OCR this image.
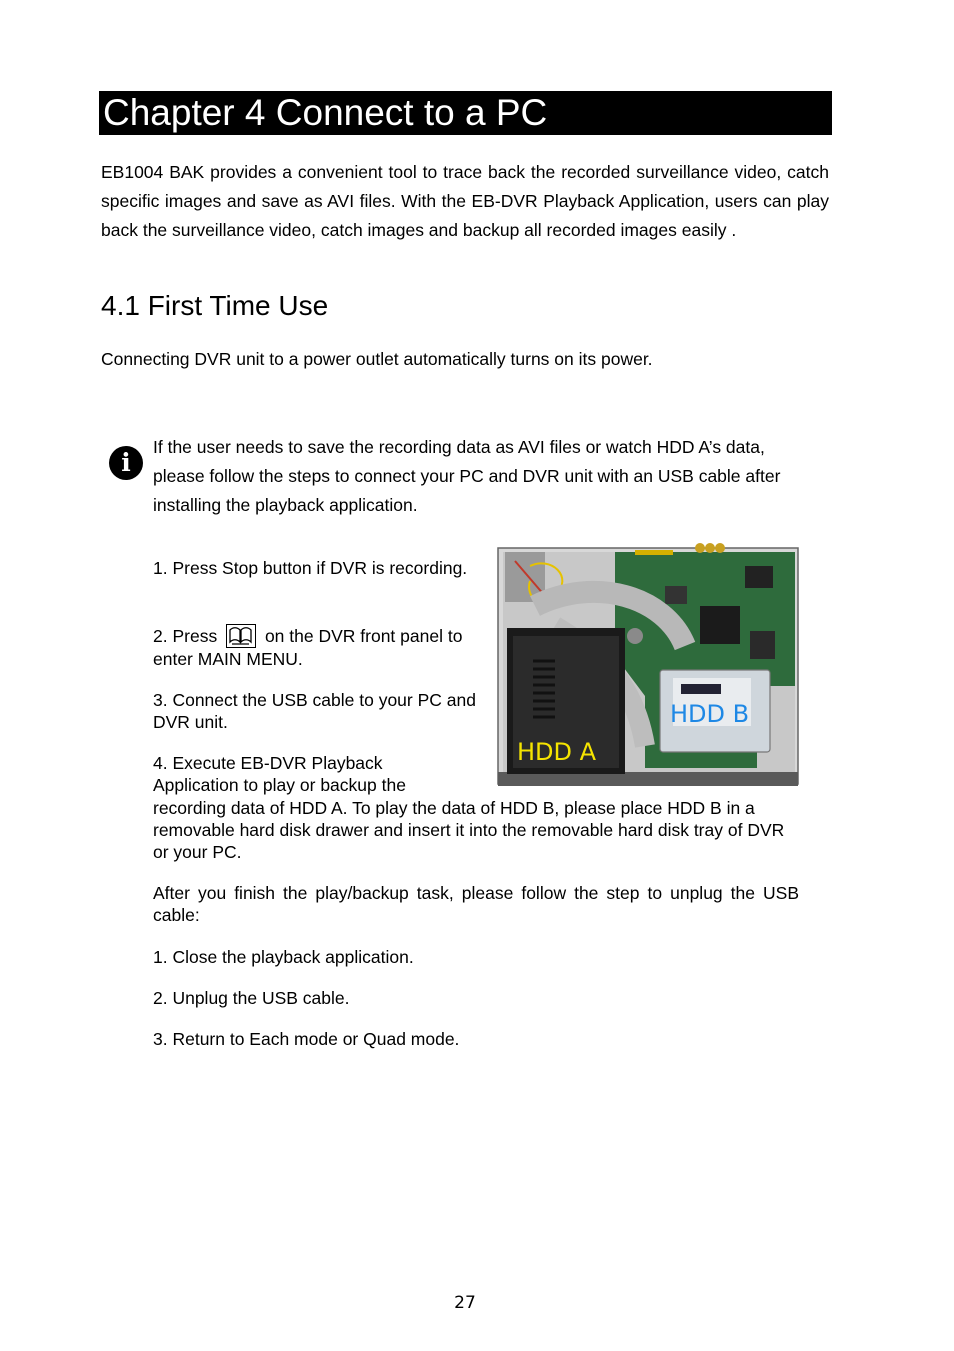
Chapter 4 Connect to a PC
EB1004 BAK provides a convenient tool to trace back the recorded surveillance video, catch specific images and save as AVI files. With the EB-DVR Playback Application, users can play back the surveillance video, catch images and backup all recorded images easily .
4.1 First Time Use
Connecting DVR unit to a power outlet automatically turns on its power.
i
If the user needs to save the recording data as AVI files or watch HDD A’s data, please follow the steps to connect your PC and DVR unit with an USB cable after installing the playback application.
1. Press Stop button if DVR is recording.
2. Press	on the DVR front panel to enter MAIN MENU.
3. Connect the USB cable to your PC and DVR unit.
4. Execute EB-DVR Playback
Application to play or backup the
recording data of HDD A. To play the data of HDD B, please place HDD B in a removable hard disk drawer and insert it into the removable hard disk tray of DVR or your PC.
HDD A
HDD B
After you finish the play/backup task, please follow the step to unplug the USB cable:
1. Close the playback application.
2. Unplug the USB cable.
3. Return to Each mode or Quad mode.
27
